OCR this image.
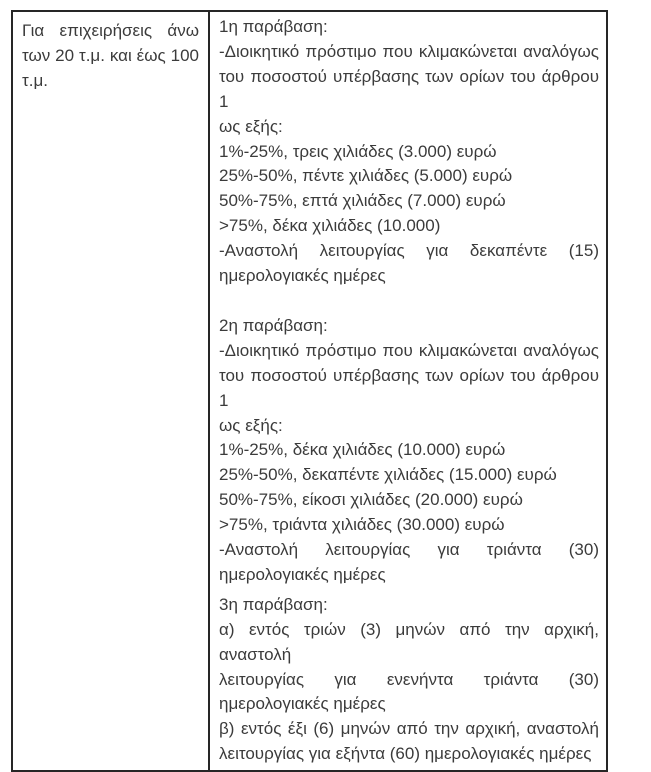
Για επιχειρήσεις άνω
των 20 τ.μ. και έως 100
τ.μ.
1η παράβαση:
-Διοικητικό πρόστιμο που κλιμακώνεται αναλόγως
του ποσοστού υπέρβασης των ορίων του άρθρου 1
ως εξής:
1%-25%, τρεις χιλιάδες (3.000) ευρώ
25%-50%, πέντε χιλιάδες (5.000) ευρώ
50%-75%, επτά χιλιάδες (7.000) ευρώ
>75%, δέκα χιλιάδες (10.000)
-Αναστολή λειτουργίας για δεκαπέντε (15)
ημερολογιακές ημέρες

2η παράβαση:
-Διοικητικό πρόστιμο που κλιμακώνεται αναλόγως
του ποσοστού υπέρβασης των ορίων του άρθρου 1
ως εξής:
1%-25%, δέκα χιλιάδες (10.000) ευρώ
25%-50%, δεκαπέντε χιλιάδες (15.000) ευρώ
50%-75%, είκοσι χιλιάδες (20.000) ευρώ
>75%, τριάντα χιλιάδες (30.000) ευρώ
-Αναστολή λειτουργίας για τριάντα (30)
ημερολογιακές ημέρες
3η παράβαση:
α) εντός τριών (3) μηνών από την αρχική, αναστολή
λειτουργίας για ενενήντα τριάντα (30)
ημερολογιακές ημέρες
β) εντός έξι (6) μηνών από την αρχική, αναστολή
λειτουργίας για εξήντα (60) ημερολογιακές ημέρες
